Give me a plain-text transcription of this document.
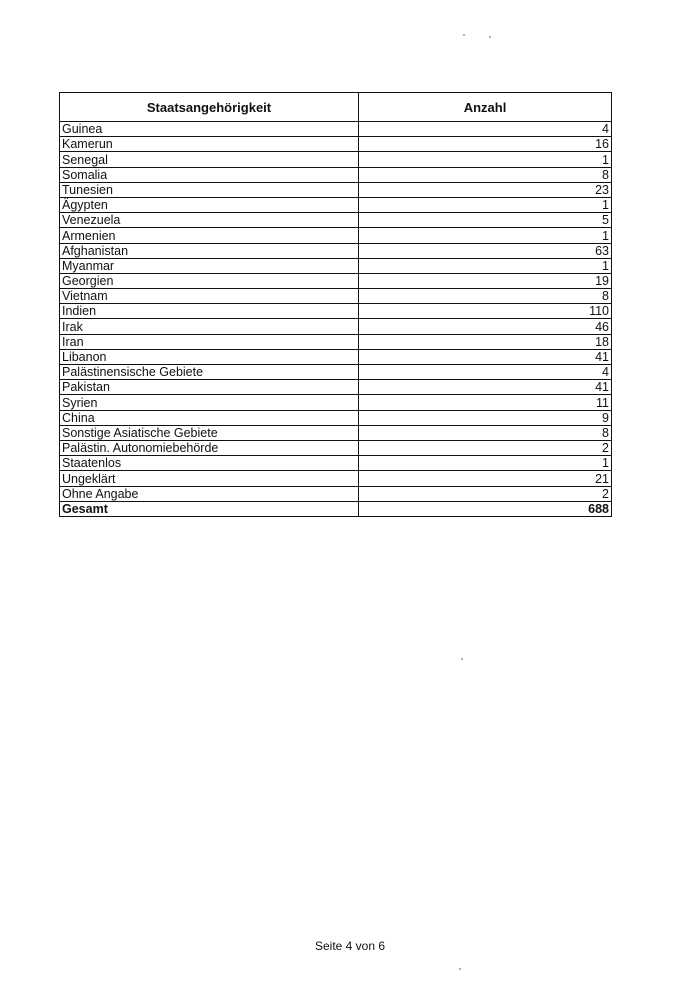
Staatsangehörigkeit	Anzahl
Guinea	4
Kamerun	16
Senegal	1
Somalia	8
Tunesien	23
Ägypten	1
Venezuela	5
Armenien	1
Afghanistan	63
Myanmar	1
Georgien	19
Vietnam	8
Indien	110
Irak	46
Iran	18
Libanon	41
Palästinensische Gebiete	4
Pakistan	41
Syrien	11
China	9
Sonstige Asiatische Gebiete	8
Palästin. Autonomiebehörde	2
Staatenlos	1
Ungeklärt	21
Ohne Angabe	2
Gesamt	688
Seite 4 von 6
